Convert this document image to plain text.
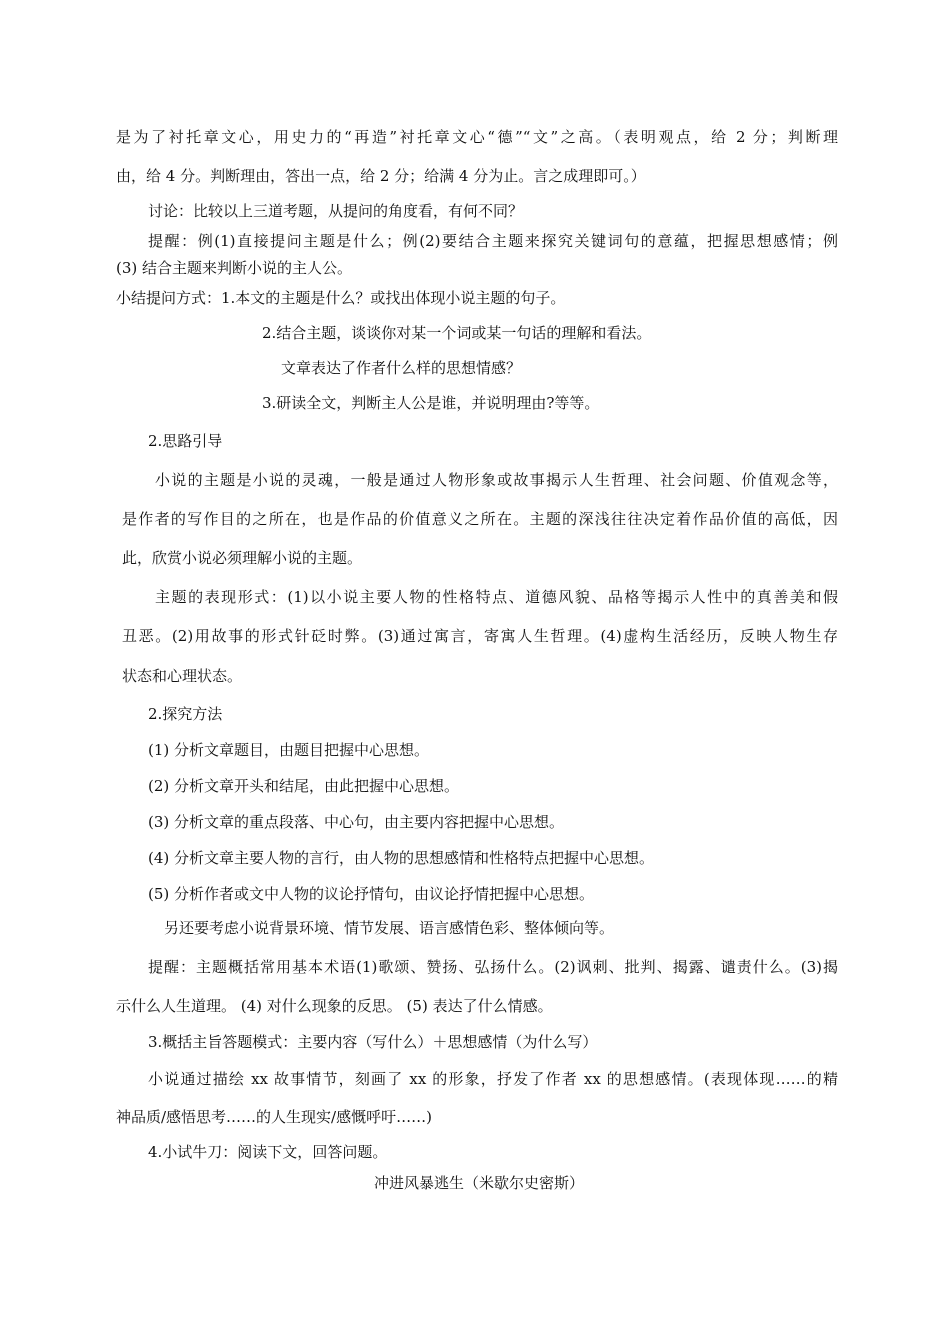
是为了衬托章文心，用史力的“再造”衬托章文心“德”“文”之高。（表明观点，给 2 分；判断理
由，给 4 分。判断理由，答出一点，给 2 分；给满 4 分为止。言之成理即可。）
讨论：比较以上三道考题，从提问的角度看，有何不同？
提醒：例(1)直接提问主题是什么；例(2)要结合主题来探究关键词句的意蕴，把握思想感情；例
(3) 结合主题来判断小说的主人公。
小结提问方式：1.本文的主题是什么？或找出体现小说主题的句子。
2.结合主题，谈谈你对某一个词或某一句话的理解和看法。
文章表达了作者什么样的思想情感？
3.研读全文，判断主人公是谁，并说明理由?等等。
2.思路引导
小说的主题是小说的灵魂，一般是通过人物形象或故事揭示人生哲理、社会问题、价值观念等，
是作者的写作目的之所在，也是作品的价值意义之所在。主题的深浅往往决定着作品价值的高低，因
此，欣赏小说必须理解小说的主题。
主题的表现形式：(1)以小说主要人物的性格特点、道德风貌、品格等揭示人性中的真善美和假
丑恶。(2)用故事的形式针砭时弊。(3)通过寓言，寄寓人生哲理。(4)虚构生活经历，反映人物生存
状态和心理状态。
2.探究方法
(1) 分析文章题目，由题目把握中心思想。
(2) 分析文章开头和结尾，由此把握中心思想。
(3) 分析文章的重点段落、中心句，由主要内容把握中心思想。
(4) 分析文章主要人物的言行，由人物的思想感情和性格特点把握中心思想。
(5) 分析作者或文中人物的议论抒情句，由议论抒情把握中心思想。
另还要考虑小说背景环境、情节发展、语言感情色彩、整体倾向等。
提醒：主题概括常用基本术语(1)歌颂、赞扬、弘扬什么。(2)讽刺、批判、揭露、谴责什么。(3)揭
示什么人生道理。 (4) 对什么现象的反思。 (5) 表达了什么情感。
3.概括主旨答题模式：主要内容（写什么）＋思想感情（为什么写）
小说通过描绘 xx 故事情节，刻画了 xx 的形象，抒发了作者 xx 的思想感情。(表现体现……的精
神品质/感悟思考……的人生现实/感慨呼吁……)
4.小试牛刀：阅读下文，回答问题。
冲进风暴逃生（米歇尔史密斯）
